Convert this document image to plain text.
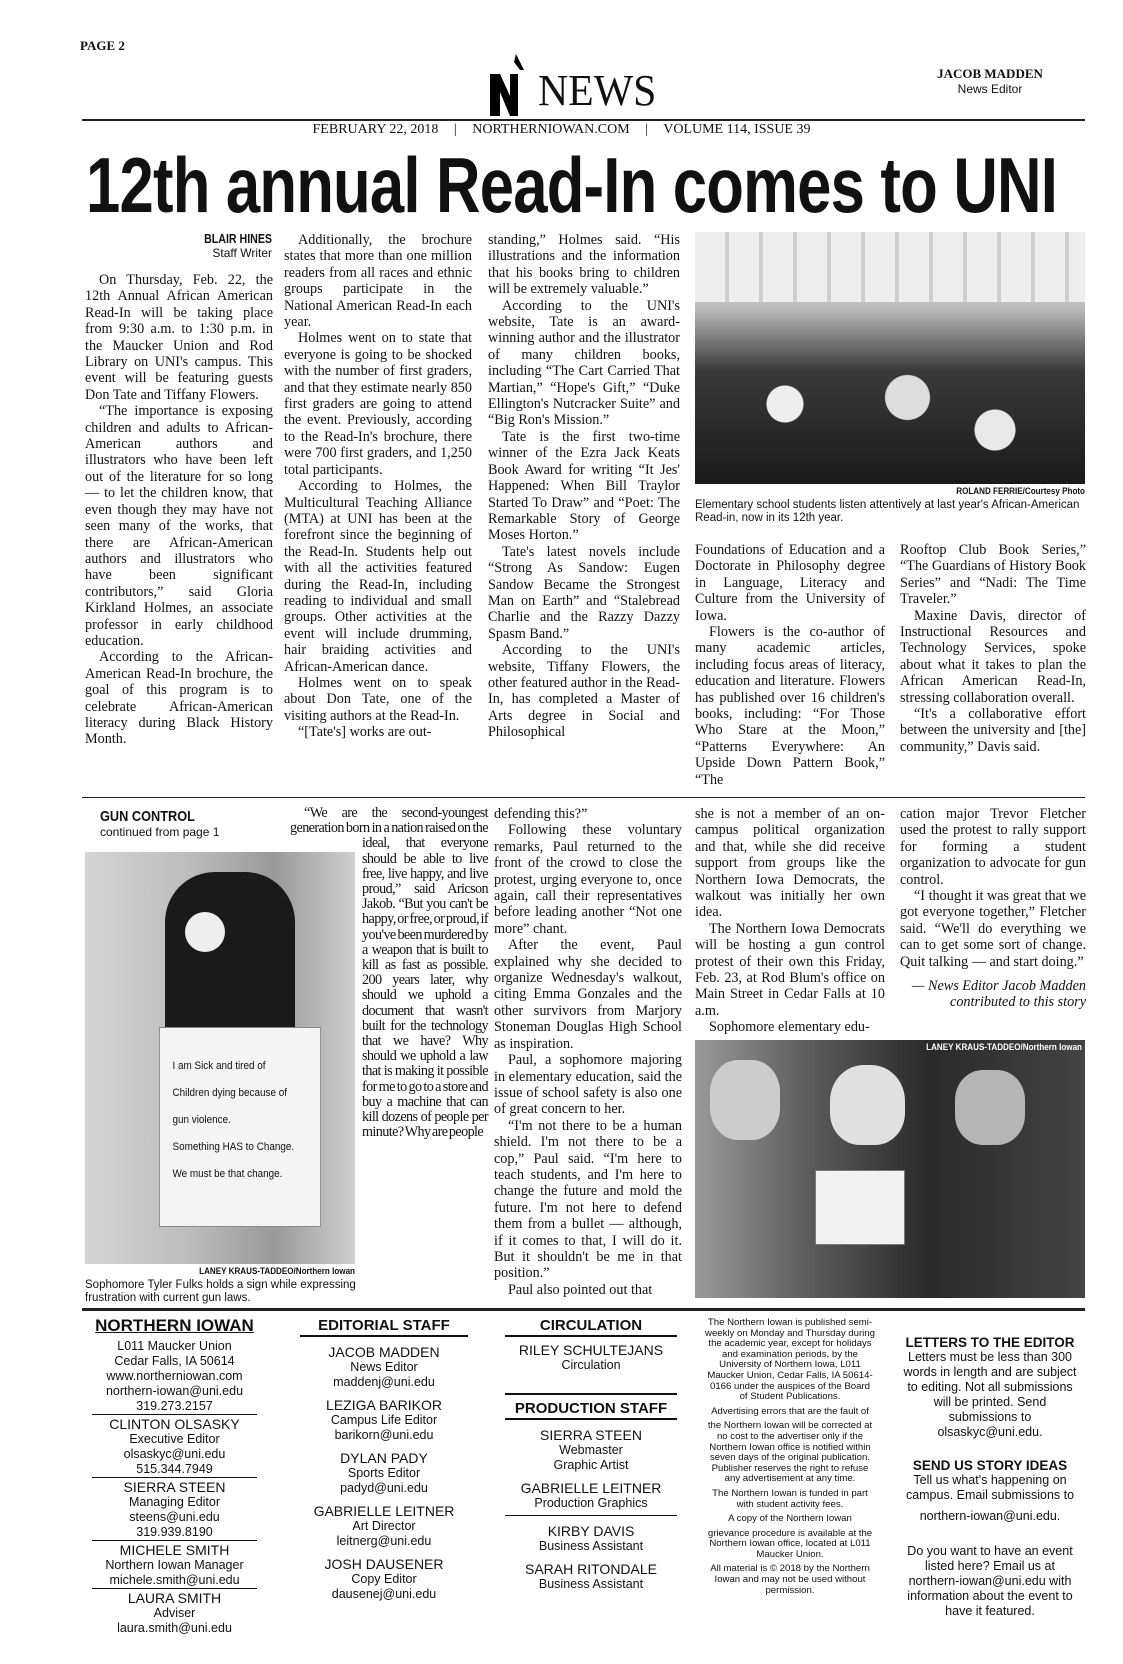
PAGE 2
NEWS	JACOB MADDEN
News Editor
FEBRUARY 22, 2018 | NORTHERNIOWAN.COM | VOLUME 114, ISSUE 39
12th annual Read-In comes to UNI
BLAIR HINES
Staff Writer

On Thursday, Feb. 22, the 12th Annual African American Read-In will be taking place from 9:30 a.m. to 1:30 p.m. in the Maucker Union and Rod Library on UNI's campus. This event will be featuring guests Don Tate and Tiffany Flowers.

“The importance is exposing children and adults to African-American authors and illustrators who have been left out of the literature for so long — to let the children know, that even though they may have not seen many of the works, that there are African-American authors and illustrators who have been significant contributors,” said Gloria Kirkland Holmes, an associate professor in early childhood education.

According to the African-American Read-In brochure, the goal of this program is to celebrate African-American literacy during Black History Month.

Additionally, the brochure states that more than one million readers from all races and ethnic groups participate in the National American Read-In each year.

Holmes went on to state that everyone is going to be shocked with the number of first graders, and that they estimate nearly 850 first graders are going to attend the event. Previously, according to the Read-In's brochure, there were 700 first graders, and 1,250 total participants.

According to Holmes, the Multicultural Teaching Alliance (MTA) at UNI has been at the forefront since the beginning of the Read-In. Students help out with all the activities featured during the Read-In, including reading to individual and small groups. Other activities at the event will include drumming, hair braiding activities and African-American dance.

Holmes went on to speak about Don Tate, one of the visiting authors at the Read-In.

“[Tate's] works are out-

standing,” Holmes said. “His illustrations and the information that his books bring to children will be extremely valuable.”

According to the UNI's website, Tate is an award-winning author and the illustrator of many children books, including “The Cart Carried That Martian,” “Hope's Gift,” “Duke Ellington's Nutcracker Suite” and “Big Ron's Mission.”

Tate is the first two-time winner of the Ezra Jack Keats Book Award for writing “It Jes' Happened: When Bill Traylor Started To Draw” and “Poet: The Remarkable Story of George Moses Horton.”

Tate's latest novels include “Strong As Sandow: Eugen Sandow Became the Strongest Man on Earth” and “Stalebread Charlie and the Razzy Dazzy Spasm Band.”

According to the UNI's website, Tiffany Flowers, the other featured author in the Read- In, has completed a Master of Arts degree in Social and Philosophical

ROLAND FERRIE/Courtesy Photo
Elementary school students listen attentively at last year's African-American Read-in, now in its 12th year.

Foundations of Education and a Doctorate in Philosophy degree in Language, Literacy and Culture from the University of Iowa.

Flowers is the co-author of many academic articles, including focus areas of literacy, education and literature. Flowers has published over 16 children's books, including: “For Those Who Stare at the Moon,” “Patterns Everywhere: An Upside Down Pattern Book,” “The

Rooftop Club Book Series,” “The Guardians of History Book Series” and “Nadi: The Time Traveler.”

Maxine Davis, director of Instructional Resources and Technology Services, spoke about what it takes to plan the African American Read-In, stressing collaboration overall.

“It's a collaborative effort between the university and [the] community,” Davis said.

GUN CONTROL
continued from page 1
I am Sick and tired of
Children dying because of
gun violence.
Something HAS to Change.
We must be that change.
LANEY KRAUS-TADDEO/Northern Iowan
Sophomore Tyler Fulks holds a sign while expressing frustration with current gun laws.

“We are the second-youngest generation born in a nation raised on the ideal, that everyone should be able to live free, live happy, and live proud,” said Aricson Jakob. “But you can't be happy, or free, or proud, if you've been murdered by a weapon that is built to kill as fast as possible. 200 years later, why should we uphold a document that wasn't built for the technology that we have? Why should we uphold a law that is making it possible for me to go to a store and buy a machine that can kill dozens of people per minute? Why are people

defending this?”

Following these voluntary remarks, Paul returned to the front of the crowd to close the protest, urging everyone to, once again, call their representatives before leading another “Not one more” chant.

After the event, Paul explained why she decided to organize Wednesday's walkout, citing Emma Gonzales and the other survivors from Marjory Stoneman Douglas High School as inspiration.

Paul, a sophomore majoring in elementary education, said the issue of school safety is also one of great concern to her.

“I'm not there to be a human shield. I'm not there to be a cop,” Paul said. “I'm here to teach students, and I'm here to change the future and mold the future. I'm not here to defend them from a bullet — although, if it comes to that, I will do it. But it shouldn't be me in that position.”

Paul also pointed out that

she is not a member of an on-campus political organization and that, while she did receive support from groups like the Northern Iowa Democrats, the walkout was initially her own idea.

The Northern Iowa Democrats will be hosting a gun control protest of their own this Friday, Feb. 23, at Rod Blum's office on Main Street in Cedar Falls at 10 a.m.

Sophomore elementary edu-

cation major Trevor Fletcher used the protest to rally support for forming a student organization to advocate for gun control.

“I thought it was great that we got everyone together,” Fletcher said. “We'll do everything we can to get some sort of change. Quit talking — and start doing.”

— News Editor Jacob Madden
contributed to this story
LANEY KRAUS-TADDEO/Northern Iowan
NORTHERN IOWAN
L011 Maucker Union
Cedar Falls, IA 50614
www.northerniowan.com
northern-iowan@uni.edu
319.273.2157
CLINTON OLSASKY
Executive Editor
olsaskyc@uni.edu
515.344.7949
SIERRA STEEN
Managing Editor
steens@uni.edu
319.939.8190
MICHELE SMITH
Northern Iowan Manager
michele.smith@uni.edu
LAURA SMITH
Adviser
laura.smith@uni.edu
EDITORIAL STAFF
JACOB MADDEN
News Editor
maddenj@uni.edu
LEZIGA BARIKOR
Campus Life Editor
barikorn@uni.edu
DYLAN PADY
Sports Editor
padyd@uni.edu
GABRIELLE LEITNER
Art Director
leitnerg@uni.edu
JOSH DAUSENER
Copy Editor
dausenej@uni.edu
CIRCULATION
RILEY SCHULTEJANS
Circulation
PRODUCTION STAFF
SIERRA STEEN
Webmaster
Graphic Artist
GABRIELLE LEITNER
Production Graphics
KIRBY DAVIS
Business Assistant
SARAH RITONDALE
Business Assistant
The Northern Iowan is published semi-weekly on Monday and Thursday during the academic year, except for holidays and examination periods, by the University of Northern Iowa, L011 Maucker Union, Cedar Falls, IA 50614-0166 under the auspices of the Board of Student Publications.
Advertising errors that are the fault of
the Northern Iowan will be corrected at no cost to the advertiser only if the Northern Iowan office is notified within seven days of the original publication. Publisher reserves the right to refuse any advertisement at any time.
The Northern Iowan is funded in part with student activity fees.
A copy of the Northern Iowan
grievance procedure is available at the Northern Iowan office, located at L011 Maucker Union.
All material is © 2018 by the Northern Iowan and may not be used without permission.
LETTERS TO THE EDITOR
Letters must be less than 300 words in length and are subject to editing. Not all submissions will be printed. Send submissions to olsaskyc@uni.edu.
SEND US STORY IDEAS
Tell us what's happening on campus. Email submissions to
northern-iowan@uni.edu.
Do you want to have an event listed here? Email us at northern-iowan@uni.edu with information about the event to have it featured.
